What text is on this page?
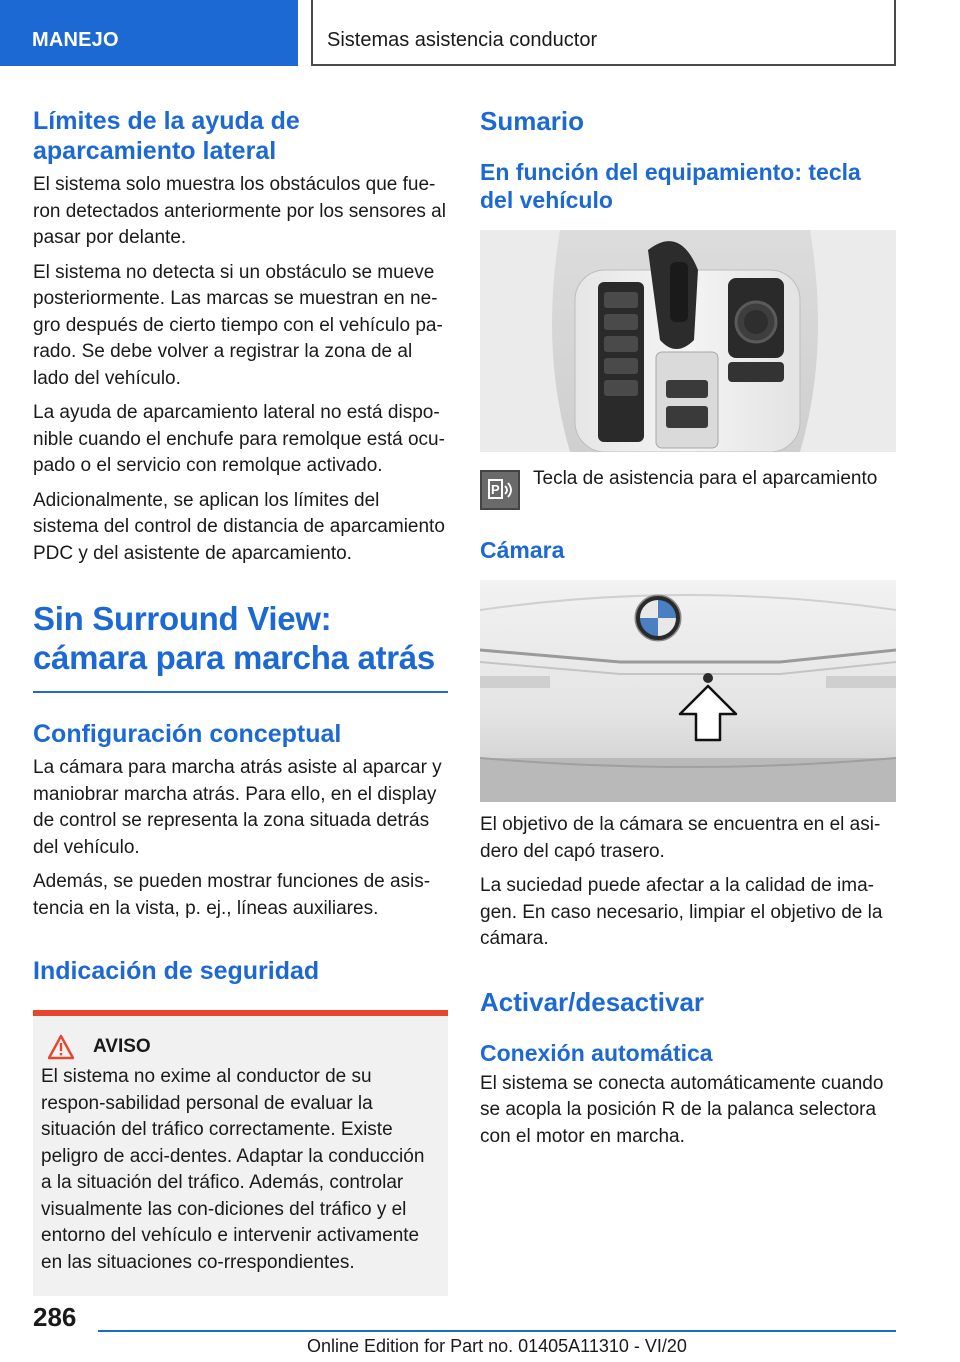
MANEJO	Sistemas asistencia conductor
Límites de la ayuda de aparcamiento lateral

El sistema solo muestra los obstáculos que fue-ron detectados anteriormente por los sensores al pasar por delante.

El sistema no detecta si un obstáculo se mueve posteriormente. Las marcas se muestran en ne-gro después de cierto tiempo con el vehículo pa-rado. Se debe volver a registrar la zona de al lado del vehículo.

La ayuda de aparcamiento lateral no está dispo-nible cuando el enchufe para remolque está ocu-pado o el servicio con remolque activado.

Adicionalmente, se aplican los límites del sistema del control de distancia de aparcamiento PDC y del asistente de aparcamiento.

Sin Surround View: cámara para marcha atrás
Configuración conceptual

La cámara para marcha atrás asiste al aparcar y maniobrar marcha atrás. Para ello, en el display de control se representa la zona situada detrás del vehículo.

Además, se pueden mostrar funciones de asis-tencia en la vista, p. ej., líneas auxiliares.

Indicación de seguridad
AVISO

El sistema no exime al conductor de su respon-sabilidad personal de evaluar la situación del tráfico correctamente. Existe peligro de acci-dentes. Adaptar la conducción a la situación del tráfico. Además, controlar visualmente las con-diciones del tráfico y el entorno del vehículo e intervenir activamente en las situaciones co-rrespondientes.

Sumario
En función del equipamiento: tecla del vehículo
P

Tecla de asistencia para el aparcamiento

Cámara

El objetivo de la cámara se encuentra en el asi-dero del capó trasero.

La suciedad puede afectar a la calidad de ima-gen. En caso necesario, limpiar el objetivo de la cámara.

Activar/desactivar
Conexión automática

El sistema se conecta automáticamente cuando se acopla la posición R de la palanca selectora con el motor en marcha.

286
Online Edition for Part no. 01405A11310 - VI/20
